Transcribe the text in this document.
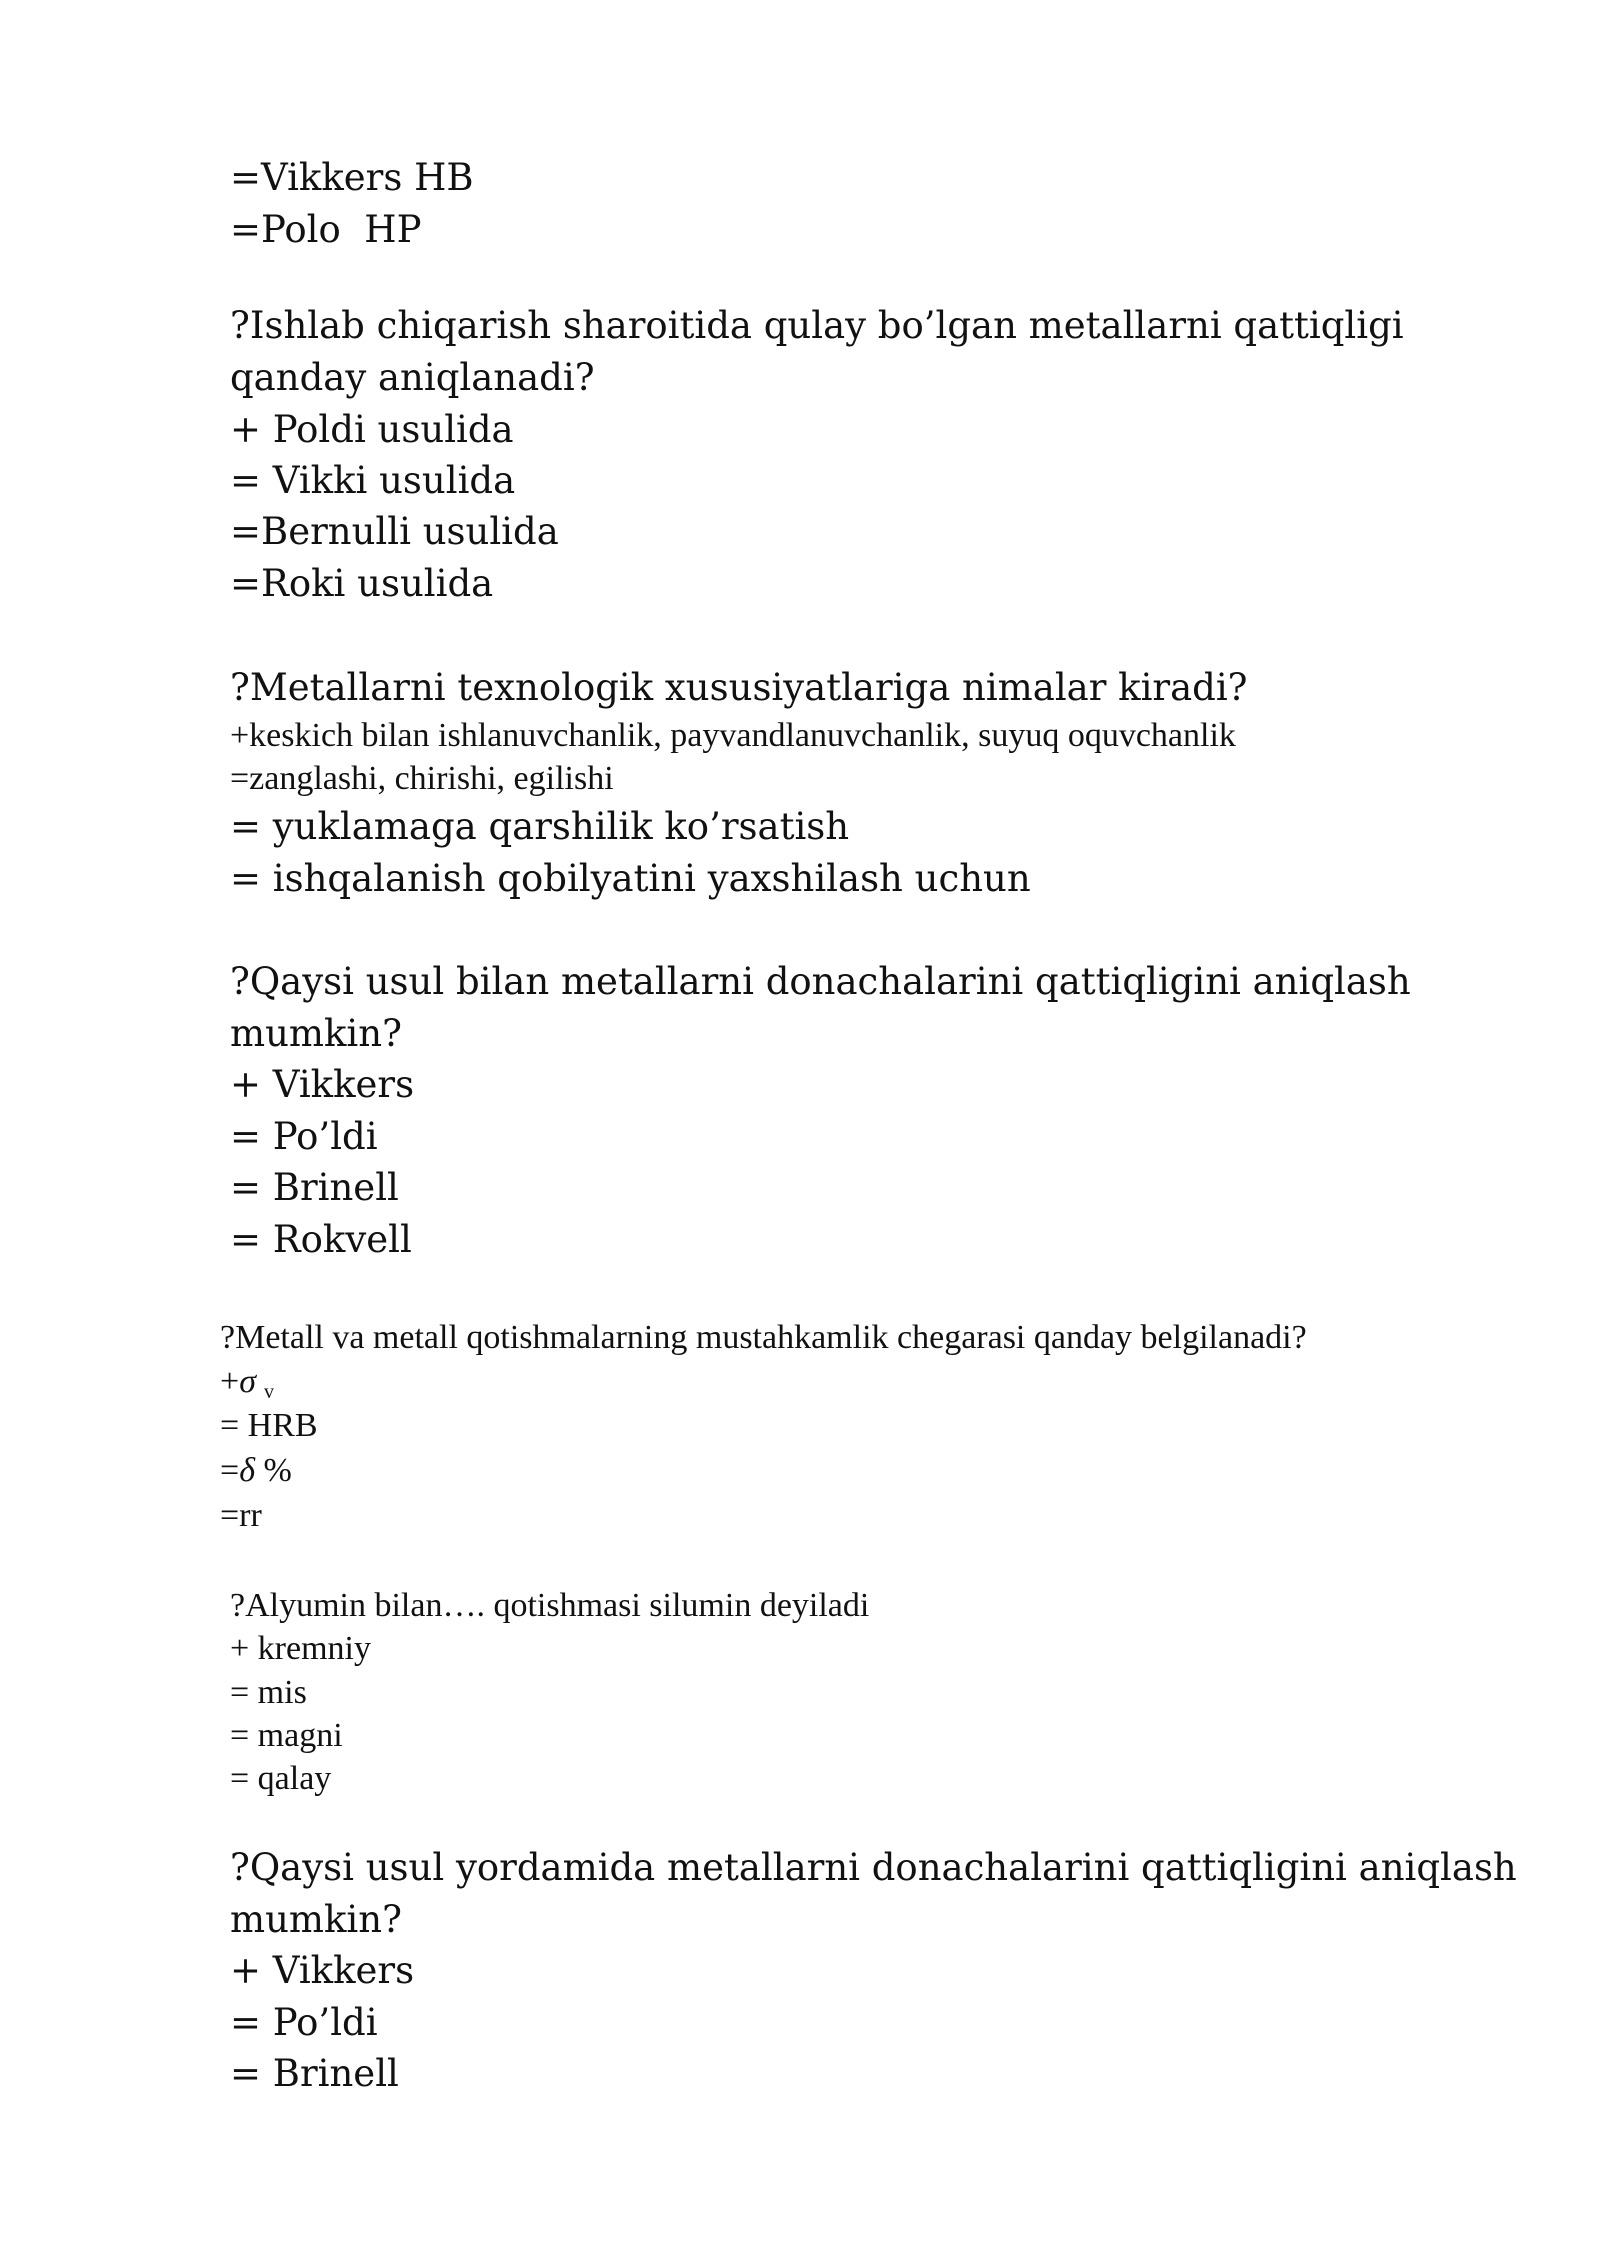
=Vikkers HB

=Polo  HP

?Ishlab chiqarish sharoitida qulay bo’lgan metallarni qattiqligi

qanday aniqlanadi?

+ Poldi usulida

= Vikki usulida

=Bernulli usulida

=Roki usulida

?Metallarni texnologik xususiyatlariga nimalar kiradi?

+keskich bilan ishlanuvchanlik, payvandlanuvchanlik, suyuq oquvchanlik

=zanglashi, chirishi, egilishi

= yuklamaga qarshilik ko’rsatish

= ishqalanish qobilyatini yaxshilash uchun

?Qaysi usul bilan metallarni donachalarini qattiqligini aniqlash

mumkin?

+ Vikkers

= Po’ldi

= Brinell

= Rokvell

?Metall va metall qotishmalarning mustahkamlik chegarasi qanday belgilanadi?

+σ $_v$

= HRB

=δ %

=rr

?Alyumin bilan…. qotishmasi silumin deyiladi

+ kremniy

= mis

= magni

= qalay

?Qaysi usul yordamida metallarni donachalarini qattiqligini aniqlash

mumkin?

+ Vikkers

= Po’ldi

= Brinell
